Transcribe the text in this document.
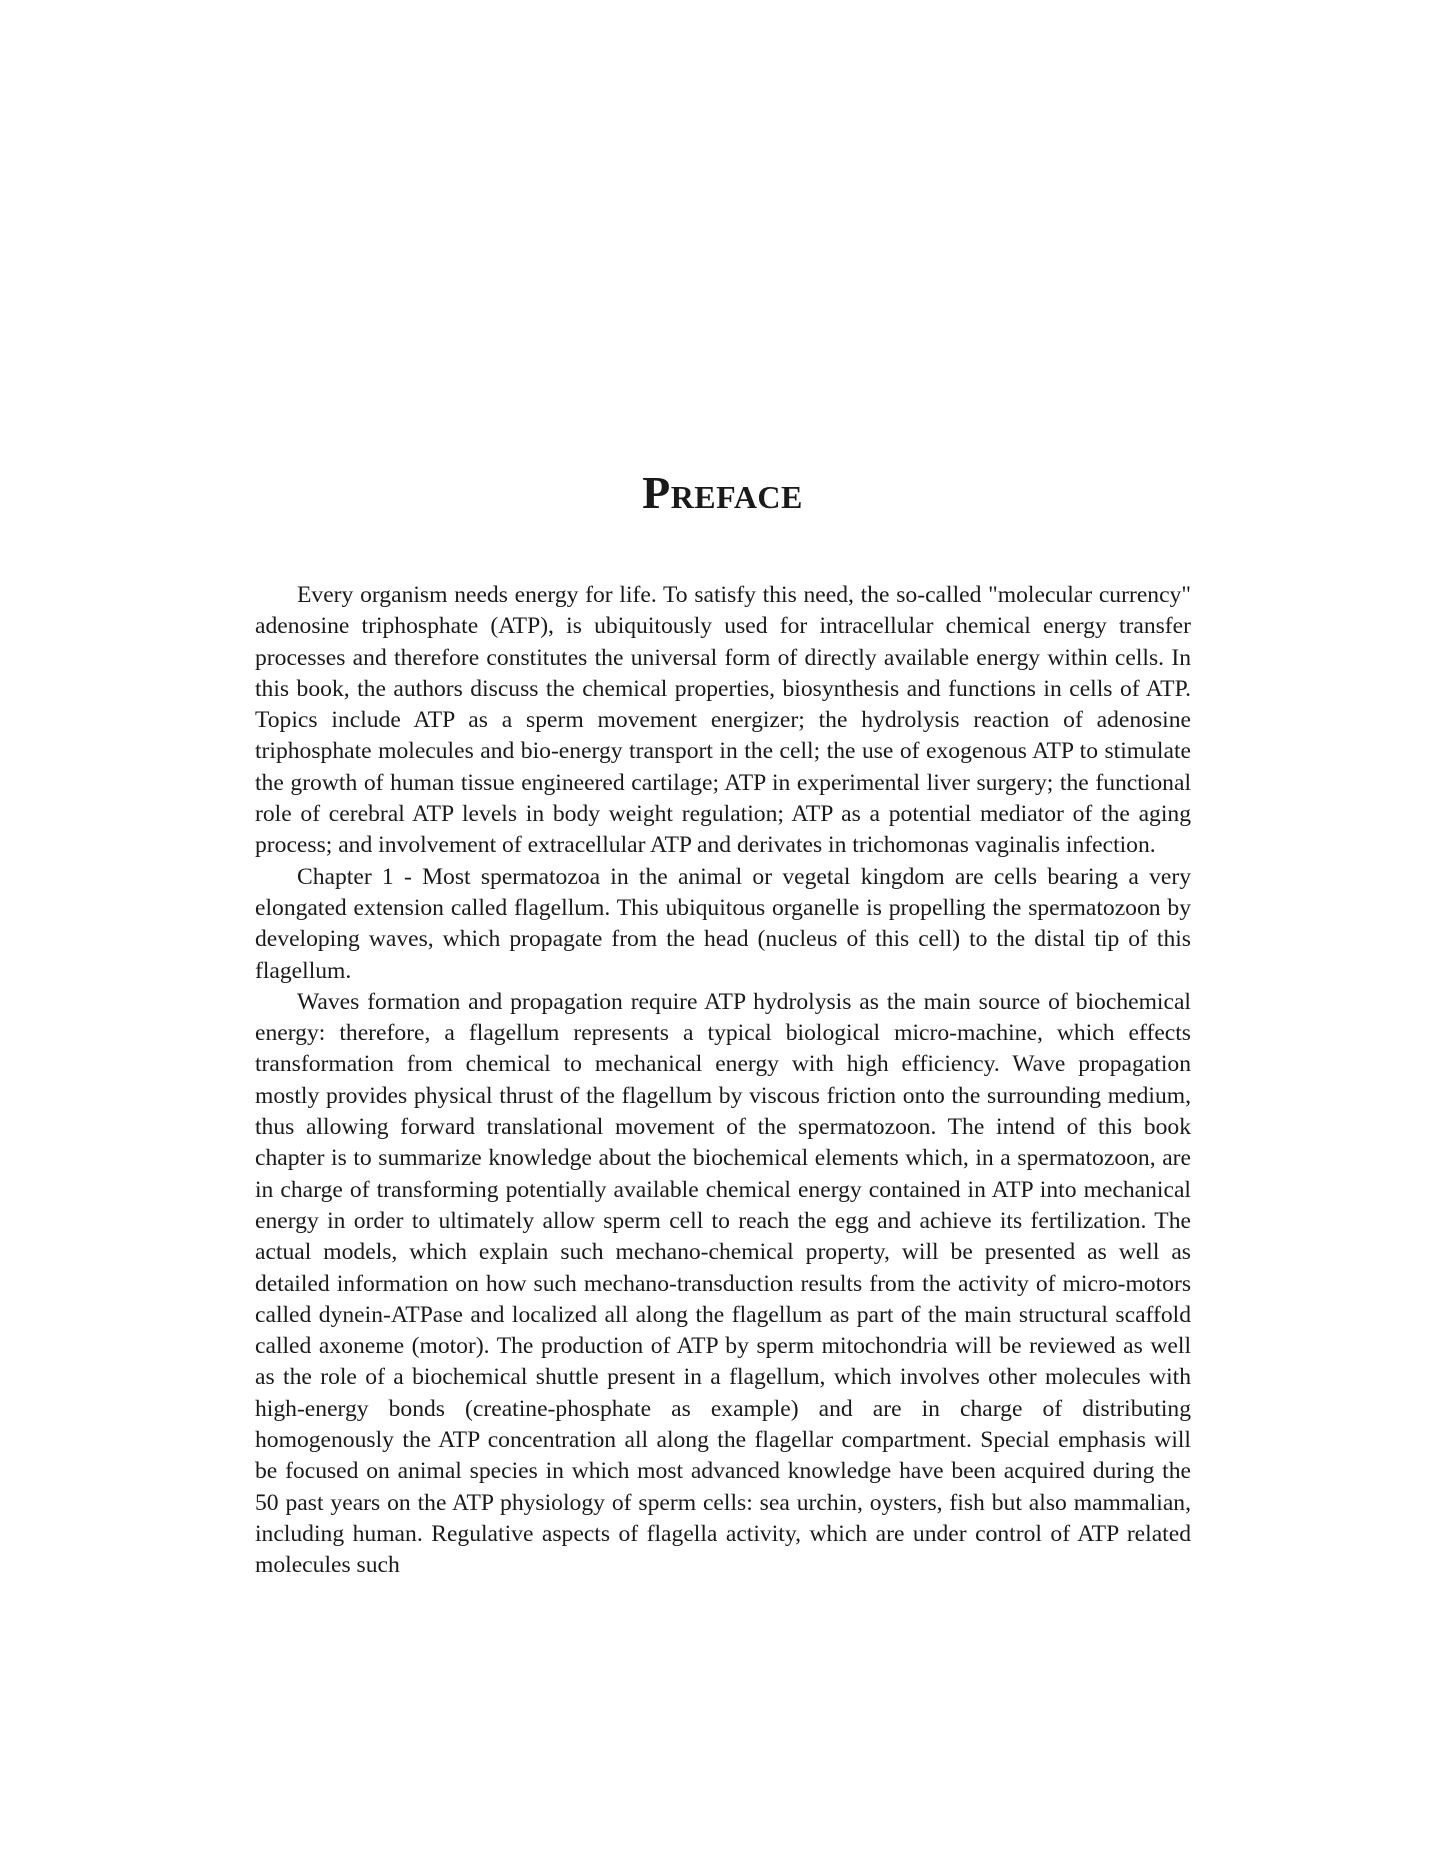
Preface

Every organism needs energy for life. To satisfy this need, the so-called "molecular currency" adenosine triphosphate (ATP), is ubiquitously used for intracellular chemical energy transfer processes and therefore constitutes the universal form of directly available energy within cells. In this book, the authors discuss the chemical properties, biosynthesis and functions in cells of ATP. Topics include ATP as a sperm movement energizer; the hydrolysis reaction of adenosine triphosphate molecules and bio-energy transport in the cell; the use of exogenous ATP to stimulate the growth of human tissue engineered cartilage; ATP in experimental liver surgery; the functional role of cerebral ATP levels in body weight regulation; ATP as a potential mediator of the aging process; and involvement of extracellular ATP and derivates in trichomonas vaginalis infection.

Chapter 1 - Most spermatozoa in the animal or vegetal kingdom are cells bearing a very elongated extension called flagellum. This ubiquitous organelle is propelling the spermatozoon by developing waves, which propagate from the head (nucleus of this cell) to the distal tip of this flagellum.

Waves formation and propagation require ATP hydrolysis as the main source of biochemical energy: therefore, a flagellum represents a typical biological micro-machine, which effects transformation from chemical to mechanical energy with high efficiency. Wave propagation mostly provides physical thrust of the flagellum by viscous friction onto the surrounding medium, thus allowing forward translational movement of the spermatozoon. The intend of this book chapter is to summarize knowledge about the biochemical elements which, in a spermatozoon, are in charge of transforming potentially available chemical energy contained in ATP into mechanical energy in order to ultimately allow sperm cell to reach the egg and achieve its fertilization. The actual models, which explain such mechano-chemical property, will be presented as well as detailed information on how such mechano-transduction results from the activity of micro-motors called dynein-ATPase and localized all along the flagellum as part of the main structural scaffold called axoneme (motor). The production of ATP by sperm mitochondria will be reviewed as well as the role of a biochemical shuttle present in a flagellum, which involves other molecules with high-energy bonds (creatine-phosphate as example) and are in charge of distributing homogenously the ATP concentration all along the flagellar compartment. Special emphasis will be focused on animal species in which most advanced knowledge have been acquired during the 50 past years on the ATP physiology of sperm cells: sea urchin, oysters, fish but also mammalian, including human. Regulative aspects of flagella activity, which are under control of ATP related molecules such
